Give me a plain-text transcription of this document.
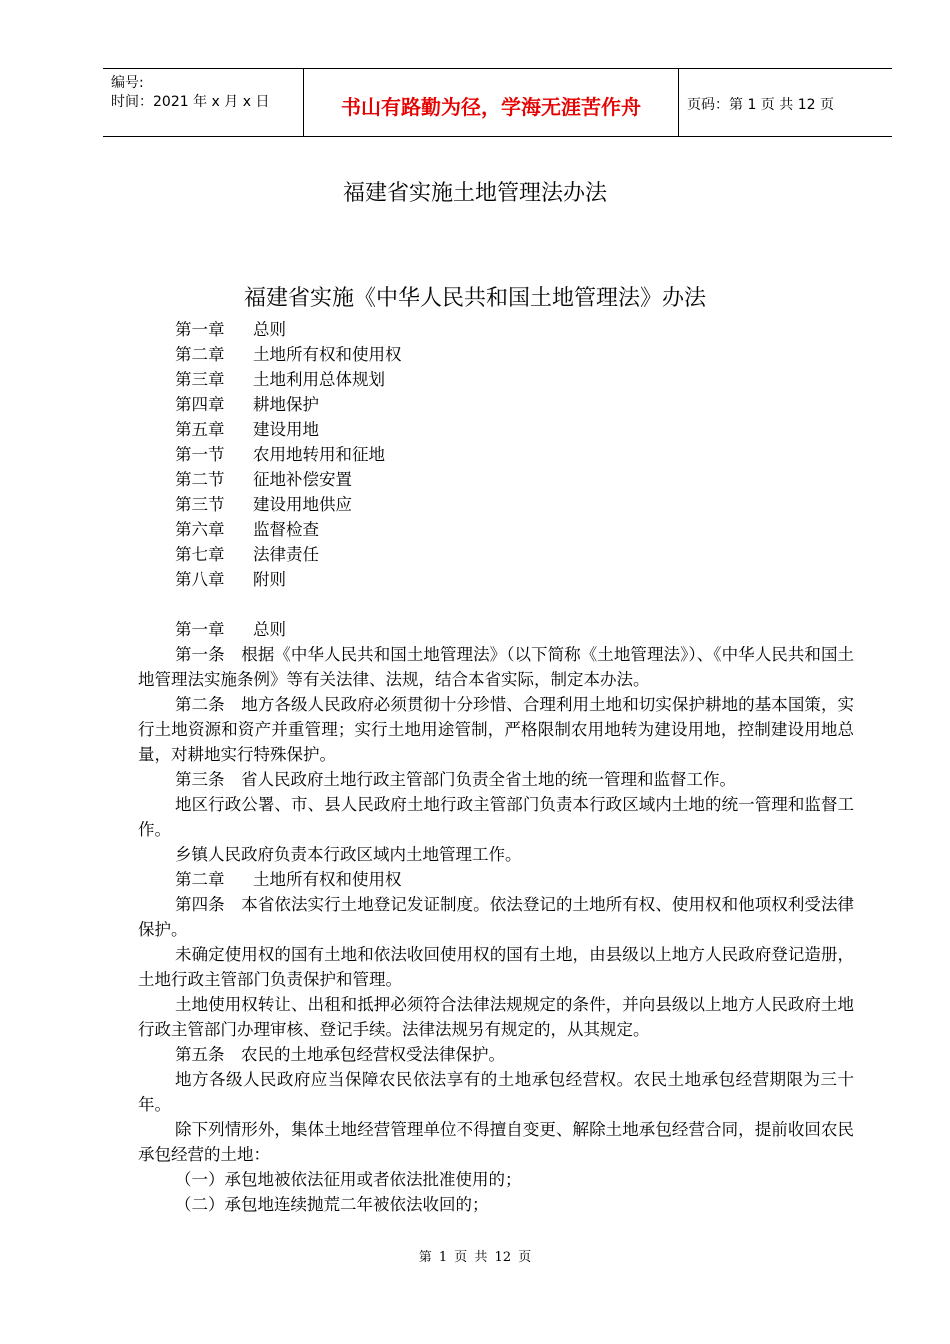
编号:
时间：2021 年 x 月 x 日	书山有路勤为径，学海无涯苦作舟	页码：第 1 页 共 12 页
福建省实施土地管理法办法
福建省实施《中华人民共和国土地管理法》办法
第一章 总则
第二章 土地所有权和使用权
第三章 土地利用总体规划
第四章 耕地保护
第五章 建设用地
第一节 农用地转用和征地
第二节 征地补偿安置
第三节 建设用地供应
第六章 监督检查
第七章 法律责任
第八章 附则

第一章 总则

第一条　根据《中华人民共和国土地管理法》（以下简称《土地管理法》）、《中华人民共和国土地管理法实施条例》等有关法律、法规，结合本省实际，制定本办法。

第二条　地方各级人民政府必须贯彻十分珍惜、合理利用土地和切实保护耕地的基本国策，实行土地资源和资产并重管理；实行土地用途管制，严格限制农用地转为建设用地，控制建设用地总量，对耕地实行特殊保护。

第三条　省人民政府土地行政主管部门负责全省土地的统一管理和监督工作。

地区行政公署、市、县人民政府土地行政主管部门负责本行政区域内土地的统一管理和监督工作。

乡镇人民政府负责本行政区域内土地管理工作。

第二章 土地所有权和使用权

第四条　本省依法实行土地登记发证制度。依法登记的土地所有权、使用权和他项权利受法律保护。

未确定使用权的国有土地和依法收回使用权的国有土地，由县级以上地方人民政府登记造册，土地行政主管部门负责保护和管理。

土地使用权转让、出租和抵押必须符合法律法规规定的条件，并向县级以上地方人民政府土地行政主管部门办理审核、登记手续。法律法规另有规定的，从其规定。

第五条　农民的土地承包经营权受法律保护。

地方各级人民政府应当保障农民依法享有的土地承包经营权。农民土地承包经营期限为三十年。

除下列情形外，集体土地经营管理单位不得擅自变更、解除土地承包经营合同，提前收回农民承包经营的土地：

（一）承包地被依法征用或者依法批准使用的；

（二）承包地连续抛荒二年被依法收回的；

第 1 页 共 12 页
